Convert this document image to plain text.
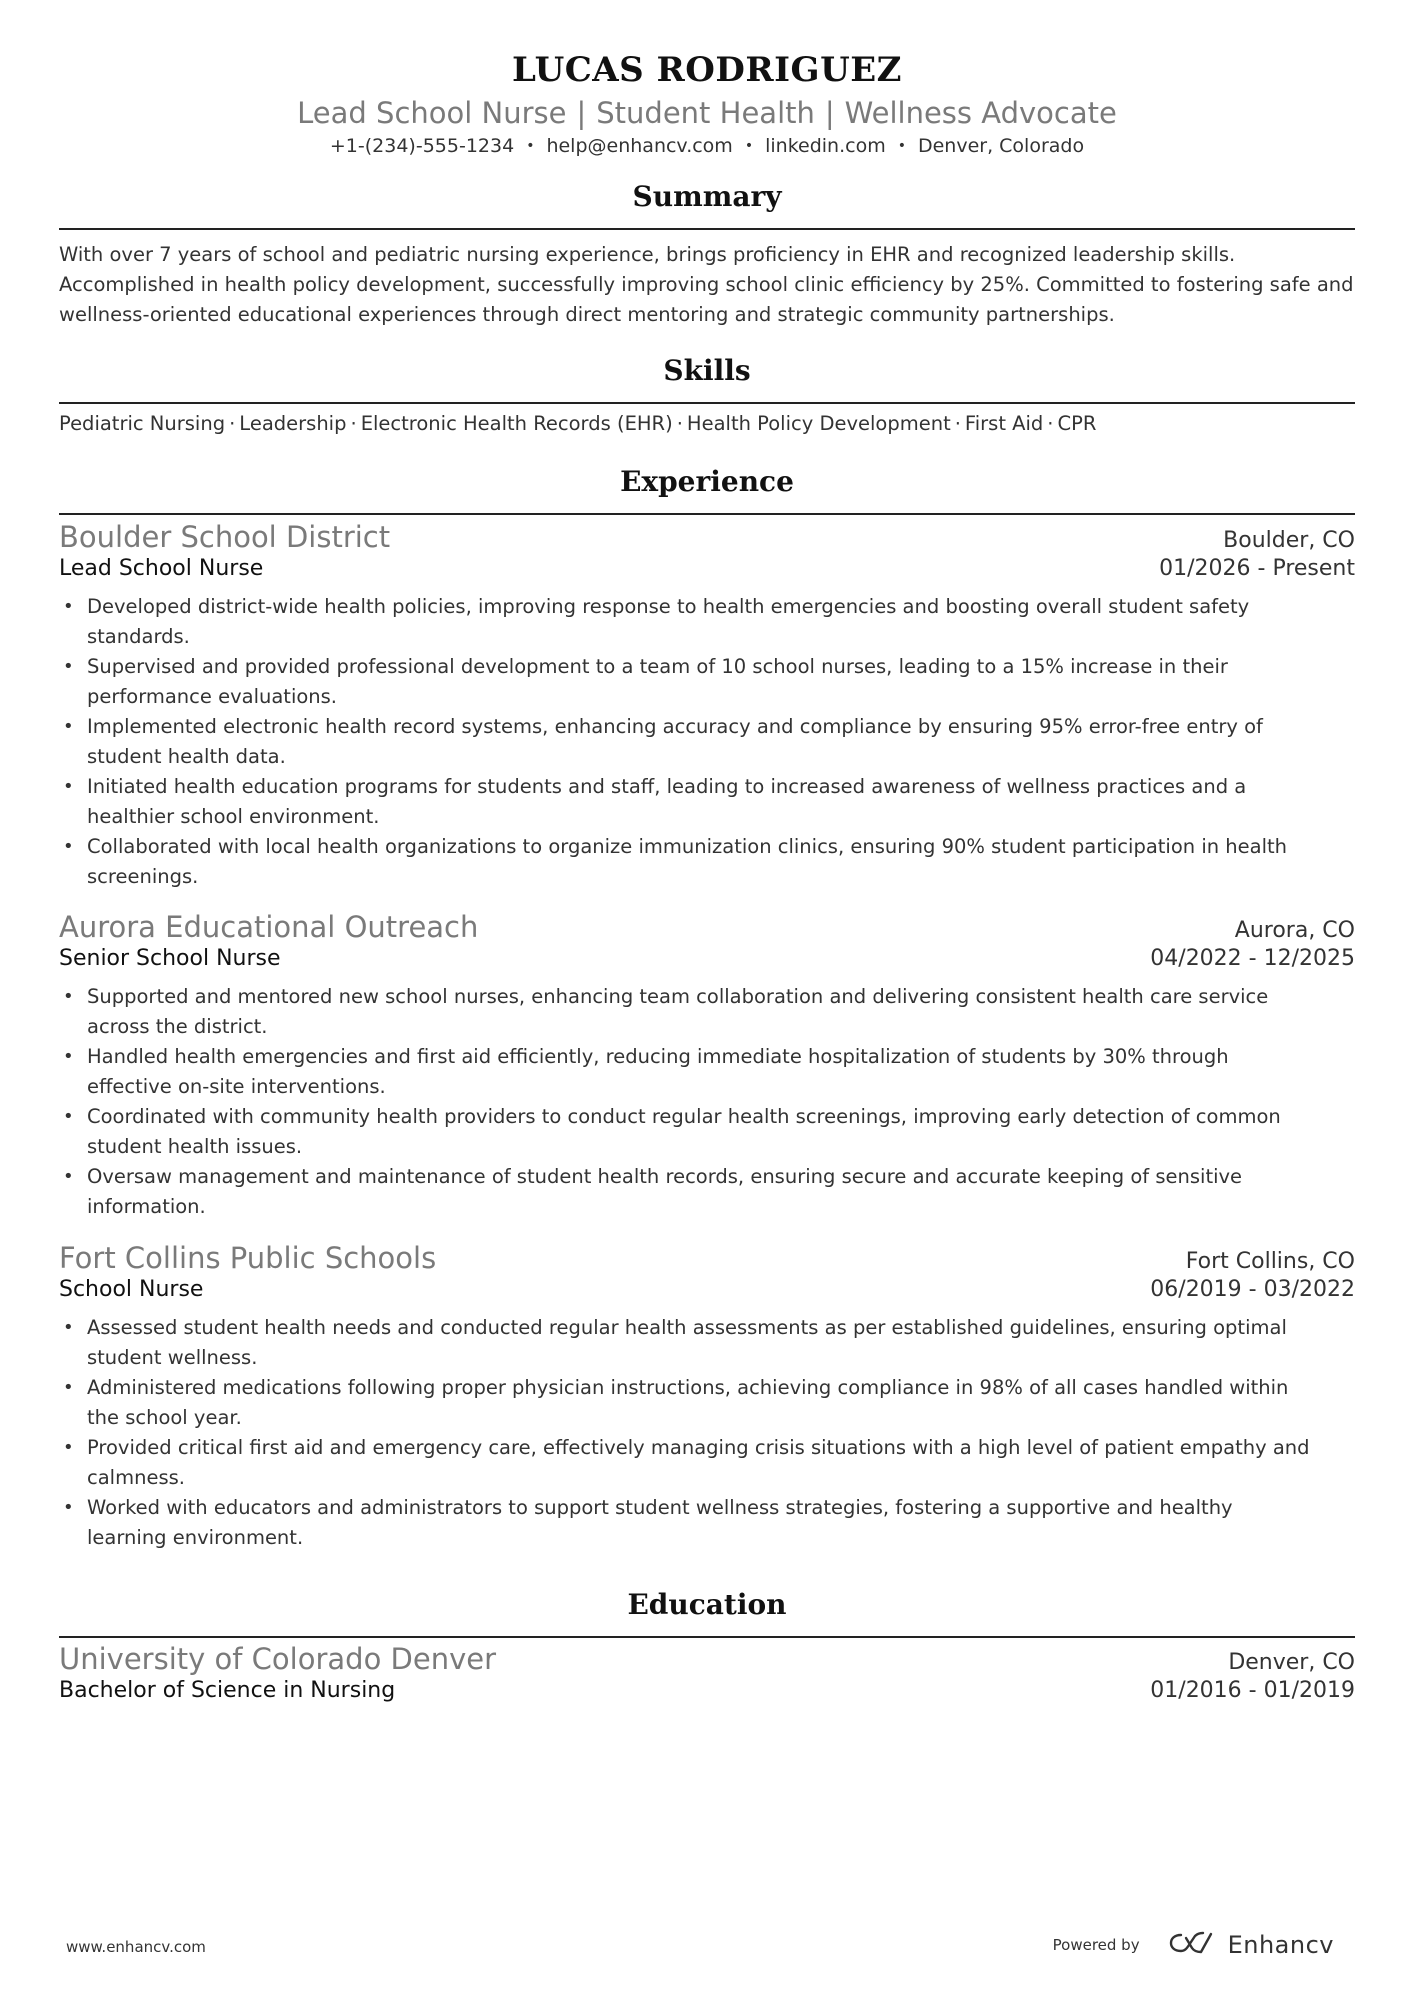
LUCAS RODRIGUEZ
Lead School Nurse | Student Health | Wellness Advocate
+1-(234)-555-1234 • help@enhancv.com • linkedin.com • Denver, Colorado
Summary

With over 7 years of school and pediatric nursing experience, brings proficiency in EHR and recognized leadership skills. Accomplished in health policy development, successfully improving school clinic efficiency by 25%. Committed to fostering safe and wellness-oriented educational experiences through direct mentoring and strategic community partnerships.

Skills
Pediatric Nursing · Leadership · Electronic Health Records (EHR) · Health Policy Development · First Aid · CPR
Experience
Boulder School District	Boulder, CO
Lead School Nurse	01/2026 - Present
• Developed district-wide health policies, improving response to health emergencies and boosting overall student safety standards.
• Supervised and provided professional development to a team of 10 school nurses, leading to a 15% increase in their performance evaluations.
• Implemented electronic health record systems, enhancing accuracy and compliance by ensuring 95% error-free entry of student health data.
• Initiated health education programs for students and staff, leading to increased awareness of wellness practices and a healthier school environment.
• Collaborated with local health organizations to organize immunization clinics, ensuring 90% student participation in health screenings.
Aurora Educational Outreach	Aurora, CO
Senior School Nurse	04/2022 - 12/2025
• Supported and mentored new school nurses, enhancing team collaboration and delivering consistent health care service across the district.
• Handled health emergencies and first aid efficiently, reducing immediate hospitalization of students by 30% through effective on-site interventions.
• Coordinated with community health providers to conduct regular health screenings, improving early detection of common student health issues.
• Oversaw management and maintenance of student health records, ensuring secure and accurate keeping of sensitive information.
Fort Collins Public Schools	Fort Collins, CO
School Nurse	06/2019 - 03/2022
• Assessed student health needs and conducted regular health assessments as per established guidelines, ensuring optimal student wellness.
• Administered medications following proper physician instructions, achieving compliance in 98% of all cases handled within the school year.
• Provided critical first aid and emergency care, effectively managing crisis situations with a high level of patient empathy and calmness.
• Worked with educators and administrators to support student wellness strategies, fostering a supportive and healthy learning environment.
Education
University of Colorado Denver	Denver, CO
Bachelor of Science in Nursing	01/2016 - 01/2019
www.enhancv.com	Powered by	Enhancv
